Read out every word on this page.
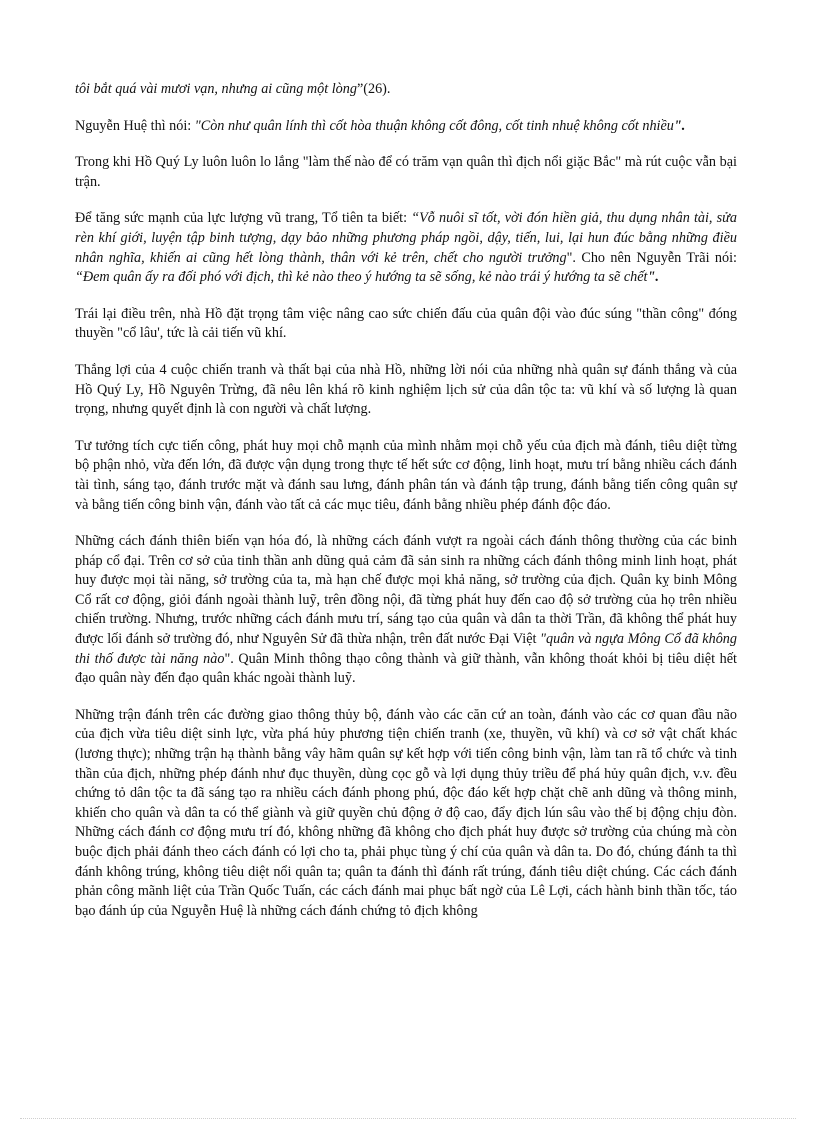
tôi bắt quá vài mươi vạn, nhưng ai cũng một lòng”(26).

Nguyễn Huệ thì nói: "Còn như quân lính thì cốt hòa thuận không cốt đông, cốt tinh nhuệ không cốt nhiều".

Trong khi Hồ Quý Ly luôn luôn lo lắng "làm thế nào để có trăm vạn quân thì địch nổi giặc Bắc" mà rút cuộc vẫn bại trận.

Để tăng sức mạnh của lực lượng vũ trang, Tổ tiên ta biết: “Vỗ nuôi sĩ tốt, vời đón hiền giả, thu dụng nhân tài, sửa rèn khí giới, luyện tập binh tượng, dạy bảo những phương pháp ngồi, dậy, tiến, lui, lại hun đúc bằng những điều nhân nghĩa, khiến ai cũng hết lòng thành, thân với kẻ trên, chết cho người trưởng". Cho nên Nguyễn Trãi nói: “Đem quân ấy ra đối phó với địch, thì kẻ nào theo ý hướng ta sẽ sống, kẻ nào trái ý hướng ta sẽ chết".

Trái lại điều trên, nhà Hồ đặt trọng tâm việc nâng cao sức chiến đấu của quân đội vào đúc súng "thần công" đóng thuyền "cổ lâu', tức là cải tiến vũ khí.

Thắng lợi của 4 cuộc chiến tranh và thất bại của nhà Hồ, những lời nói của những nhà quân sự đánh thắng và của Hồ Quý Ly, Hồ Nguyên Trừng, đã nêu lên khá rõ kinh nghiệm lịch sử của dân tộc ta: vũ khí và số lượng là quan trọng, nhưng quyết định là con người và chất lượng.

Tư tưởng tích cực tiến công, phát huy mọi chỗ mạnh của mình nhằm mọi chỗ yếu của địch mà đánh, tiêu diệt từng bộ phận nhỏ, vừa đến lớn, đã được vận dụng trong thực tế hết sức cơ động, linh hoạt, mưu trí bằng nhiều cách đánh tài tình, sáng tạo, đánh trước mặt và đánh sau lưng, đánh phân tán và đánh tập trung, đánh bằng tiến công quân sự và bằng tiến công binh vận, đánh vào tất cả các mục tiêu, đánh bằng nhiều phép đánh độc đáo.

Những cách đánh thiên biến vạn hóa đó, là những cách đánh vượt ra ngoài cách đánh thông thường của các binh pháp cổ đại. Trên cơ sở của tinh thần anh dũng quả cảm đã sản sinh ra những cách đánh thông minh linh hoạt, phát huy được mọi tài năng, sở trường của ta, mà hạn chế được mọi khả năng, sở trường của địch. Quân kỵ binh Mông Cổ rất cơ động, giỏi đánh ngoài thành luỹ, trên đồng nội, đã từng phát huy đến cao độ sở trường của họ trên nhiều chiến trường. Nhưng, trước những cách đánh mưu trí, sáng tạo của quân và dân ta thời Trần, đã không thể phát huy được lối đánh sở trường đó, như Nguyên Sử đã thừa nhận, trên đất nước Đại Việt "quân và ngựa Mông Cổ đã không thi thố được tài năng nào". Quân Minh thông thạo công thành và giữ thành, vẫn không thoát khỏi bị tiêu diệt hết đạo quân này đến đạo quân khác ngoài thành luỹ.

Những trận đánh trên các đường giao thông thủy bộ, đánh vào các căn cứ an toàn, đánh vào các cơ quan đầu não của địch vừa tiêu diệt sinh lực, vừa phá hủy phương tiện chiến tranh (xe, thuyền, vũ khí) và cơ sở vật chất khác (lương thực); những trận hạ thành bằng vây hãm quân sự kết hợp với tiến công binh vận, làm tan rã tổ chức và tinh thần của địch, những phép đánh như đục thuyền, dùng cọc gỗ và lợi dụng thủy triều để phá hủy quân địch, v.v. đều chứng tỏ dân tộc ta đã sáng tạo ra nhiều cách đánh phong phú, độc đáo kết hợp chặt chẽ anh dũng và thông minh, khiến cho quân và dân ta có thể giành và giữ quyền chủ động ở độ cao, đẩy địch lún sâu vào thế bị động chịu đòn. Những cách đánh cơ động mưu trí đó, không những đã không cho địch phát huy được sở trường của chúng mà còn buộc địch phải đánh theo cách đánh có lợi cho ta, phải phục tùng ý chí của quân và dân ta. Do đó, chúng đánh ta thì đánh không trúng, không tiêu diệt nổi quân ta; quân ta đánh thì đánh rất trúng, đánh tiêu diệt chúng. Các cách đánh phản công mãnh liệt của Trần Quốc Tuấn, các cách đánh mai phục bất ngờ của Lê Lợi, cách hành binh thần tốc, táo bạo đánh úp của Nguyễn Huệ là những cách đánh chứng tỏ địch không
